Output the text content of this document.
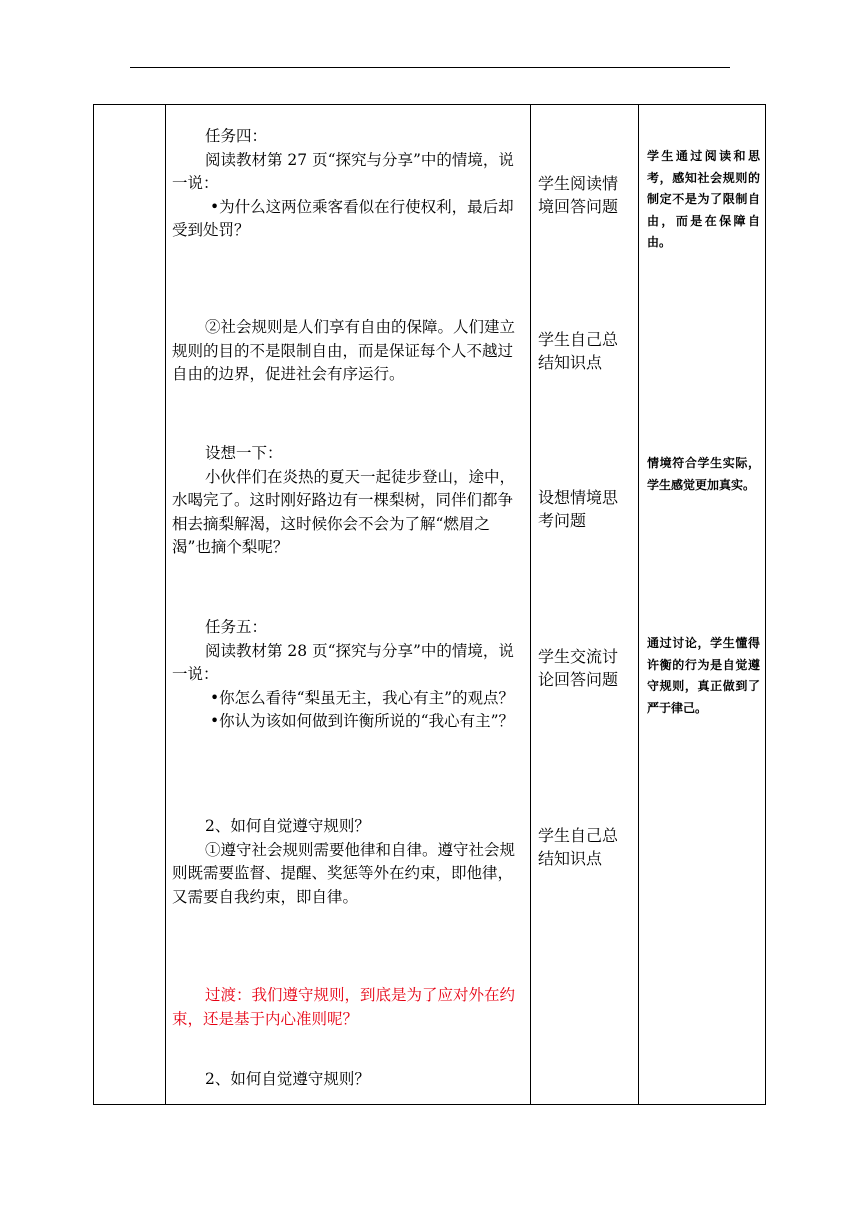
任务四：

阅读教材第 27 页“探究与分享”中的情境，说一说：

•为什么这两位乘客看似在行使权利，最后却受到处罚？

学生阅读情境回答问题
学生通过阅读和思考，感知社会规则的制定不是为了限制自由，而是在保障自由。

②社会规则是人们享有自由的保障。人们建立规则的目的不是限制自由，而是保证每个人不越过自由的边界，促进社会有序运行。

学生自己总结知识点

设想一下：

小伙伴们在炎热的夏天一起徒步登山，途中，水喝完了。这时刚好路边有一棵梨树，同伴们都争相去摘梨解渴，这时候你会不会为了解“燃眉之渴”也摘个梨呢？

设想情境思考问题
情境符合学生实际，学生感觉更加真实。

任务五：

阅读教材第 28 页“探究与分享”中的情境，说一说：

•你怎么看待“梨虽无主，我心有主”的观点？

•你认为该如何做到许衡所说的“我心有主”？

学生交流讨论回答问题
通过讨论，学生懂得许衡的行为是自觉遵守规则，真正做到了严于律己。

2、如何自觉遵守规则？

①遵守社会规则需要他律和自律。遵守社会规则既需要监督、提醒、奖惩等外在约束，即他律，又需要自我约束，即自律。

学生自己总结知识点

过渡：我们遵守规则，到底是为了应对外在约束，还是基于内心准则呢？

2、如何自觉遵守规则？
